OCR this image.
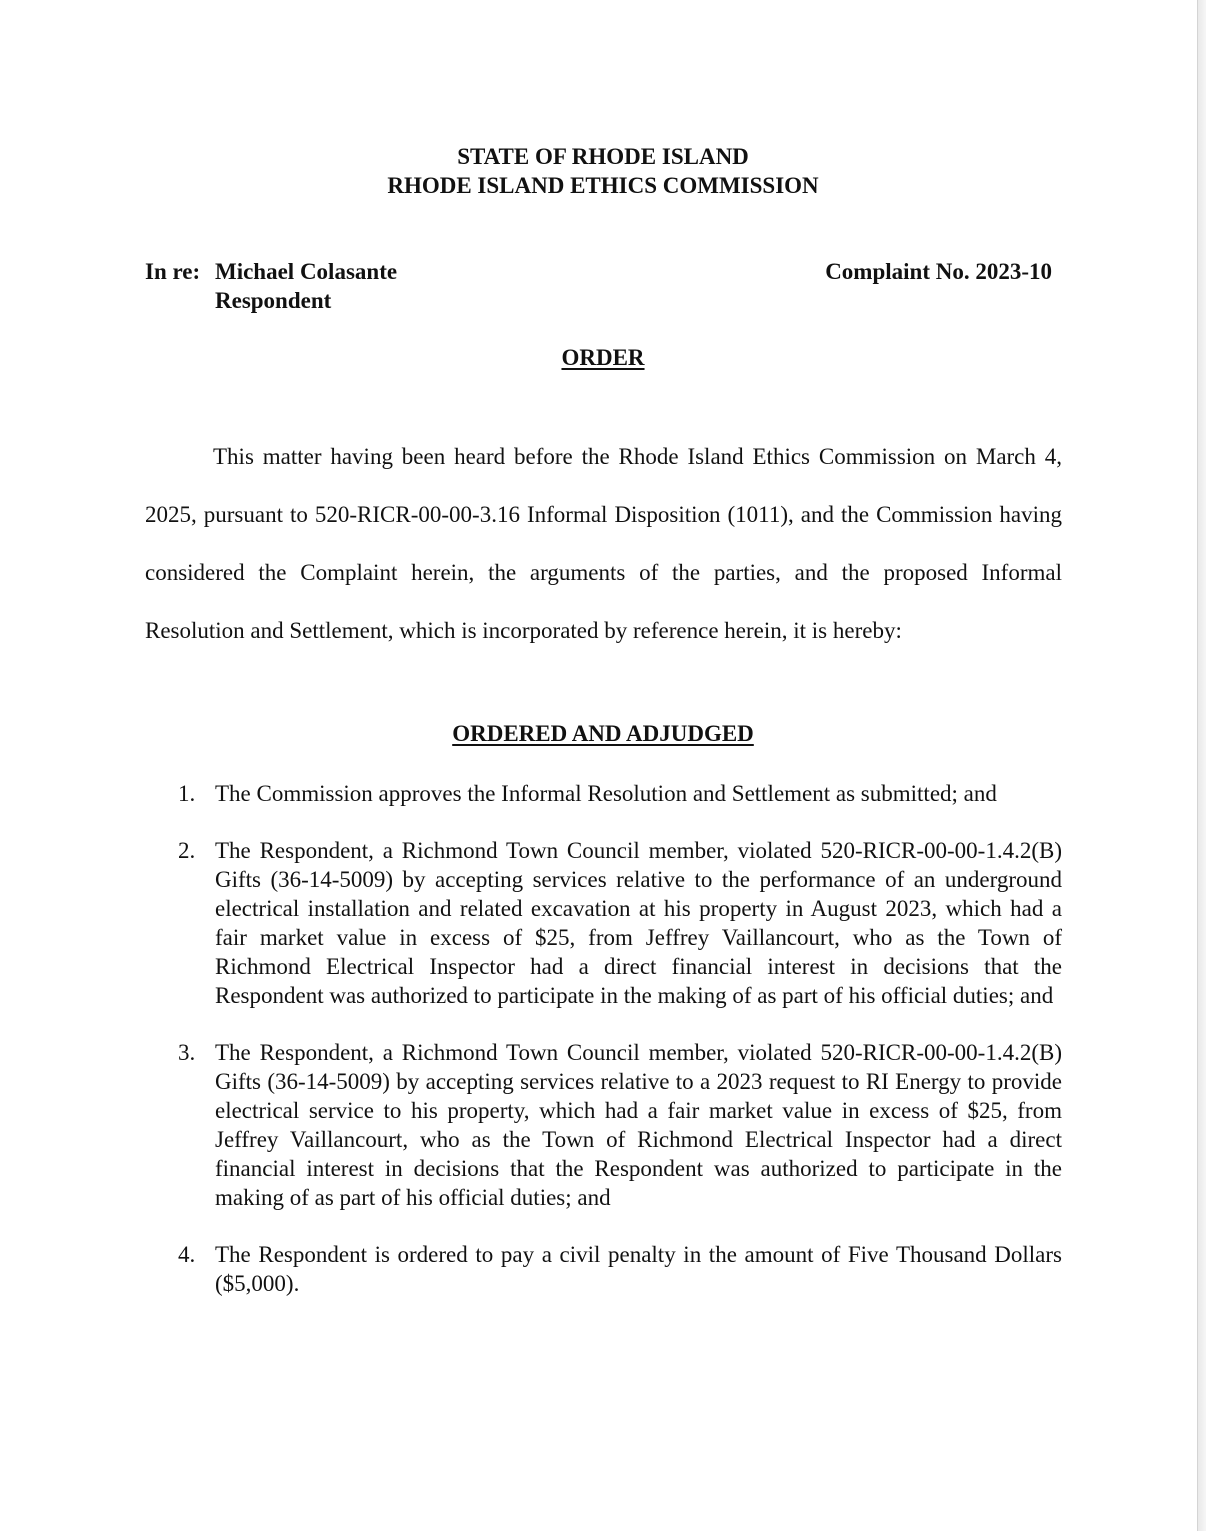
STATE OF RHODE ISLAND
RHODE ISLAND ETHICS COMMISSION
In re: Michael Colasante
Respondent
Complaint No. 2023-10
ORDER

This matter having been heard before the Rhode Island Ethics Commission on March 4, 2025, pursuant to 520-RICR-00-00-3.16 Informal Disposition (1011), and the Commission having considered the Complaint herein, the arguments of the parties, and the proposed Informal Resolution and Settlement, which is incorporated by reference herein, it is hereby:

ORDERED AND ADJUDGED
1. The Commission approves the Informal Resolution and Settlement as submitted; and
2. The Respondent, a Richmond Town Council member, violated 520-RICR-00-00-1.4.2(B) Gifts (36-14-5009) by accepting services relative to the performance of an underground electrical installation and related excavation at his property in August 2023, which had a fair market value in excess of $25, from Jeffrey Vaillancourt, who as the Town of Richmond Electrical Inspector had a direct financial interest in decisions that the Respondent was authorized to participate in the making of as part of his official duties; and
3. The Respondent, a Richmond Town Council member, violated 520-RICR-00-00-1.4.2(B) Gifts (36-14-5009) by accepting services relative to a 2023 request to RI Energy to provide electrical service to his property, which had a fair market value in excess of $25, from Jeffrey Vaillancourt, who as the Town of Richmond Electrical Inspector had a direct financial interest in decisions that the Respondent was authorized to participate in the making of as part of his official duties; and
4. The Respondent is ordered to pay a civil penalty in the amount of Five Thousand Dollars ($5,000).
